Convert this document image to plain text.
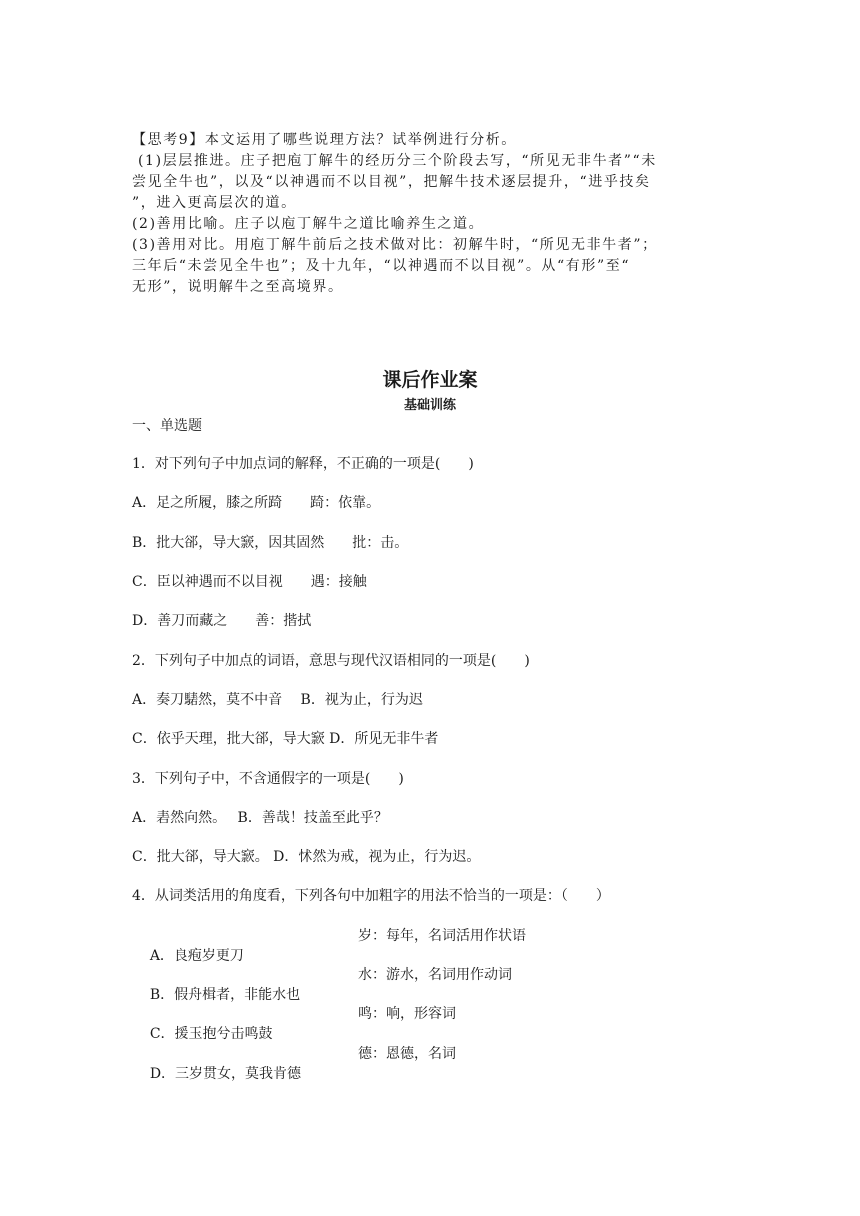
【思考9】本文运用了哪些说理方法？试举例进行分析。

(1)层层推进。庄子把庖丁解牛的经历分三个阶段去写，“所见无非牛者”“未

尝见全牛也”，以及“以神遇而不以目视”，把解牛技术逐层提升，“进乎技矣

”，进入更高层次的道。

(2)善用比喻。庄子以庖丁解牛之道比喻养生之道。

(3)善用对比。用庖丁解牛前后之技术做对比：初解牛时，“所见无非牛者”；

三年后“未尝见全牛也”；及十九年，“以神遇而不以目视”。从“有形”至“

无形”，说明解牛之至高境界。

课后作业案
基础训练
一、单选题
1．对下列句子中加点词的解释，不正确的一项是(　　)
A．足之所履，膝之所踦　　踦：依靠。
B．批大郤，导大窾，因其固然　　批：击。
C．臣以神遇而不以目视　　遇：接触
D．善刀而藏之　　善：揩拭
2．下列句子中加点的词语，意思与现代汉语相同的一项是(　　)
A．奏刀騞然，莫不中音　 B．视为止，行为迟
C．依乎天理，批大郤，导大窾 D．所见无非牛者
3．下列句子中，不含通假字的一项是(　　)
A．砉然向然。　 B．善哉！技盖至此乎？
C．批大郤，导大窾。 D．怵然为戒，视为止，行为迟。
4．从词类活用的角度看，下列各句中加粗字的用法不恰当的一项是：（　　）

A．良疱岁更刀

岁：每年，名词活用作状语

B．假舟楫者，非能水也

水：游水，名词用作动词

C．援玉抱兮击鸣鼓

鸣：响，形容词

D．三岁贯女，莫我肯德

德：恩德，名词
